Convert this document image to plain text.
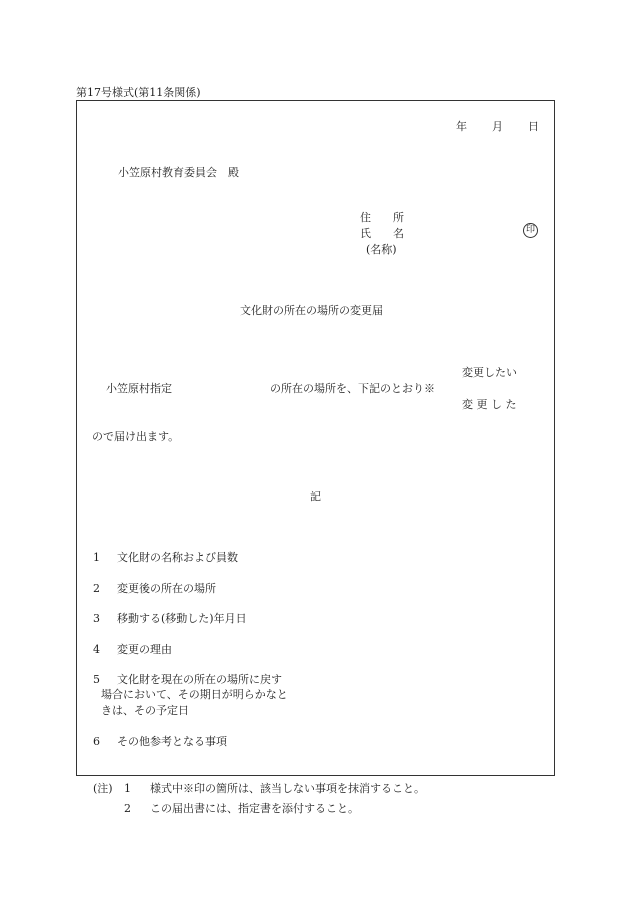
第17号様式(第11条関係)
年 月 日
小笠原村教育委員会　殿
住　　所
氏　　名
(名称)
印
文化財の所在の場所の変更届
変更したい
小笠原村指定	の所在の場所を、下記のとおり※
変 更 し た
ので届け出ます。
記
1 文化財の名称および員数
2 変更後の所在の場所
3 移動する(移動した)年月日
4 変更の理由
5 文化財を現在の所在の場所に戻す
場合において、その期日が明らかなと
きは、その予定日
6 その他参考となる事項
(注) 1 様式中※印の箇所は、該当しない事項を抹消すること。
2 この届出書には、指定書を添付すること。
